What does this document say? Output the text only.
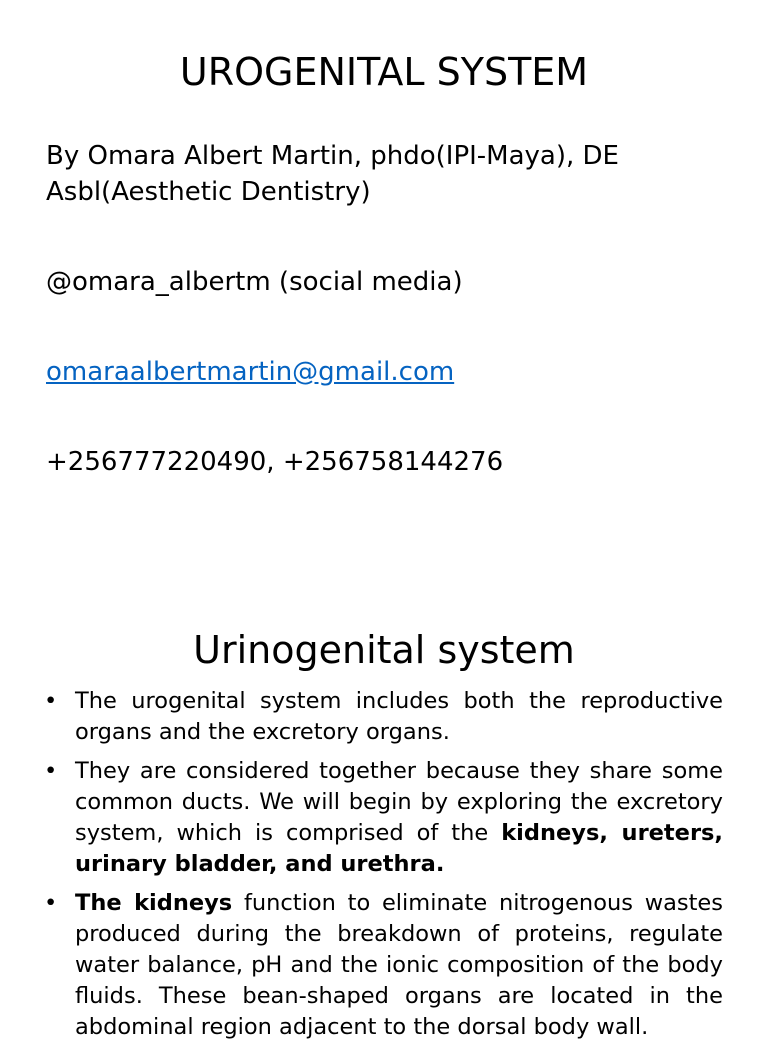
UROGENITAL SYSTEM
By Omara Albert Martin, phdo(IPI-Maya), DE
Asbl(Aesthetic Dentistry)
@omara_albertm (social media)
omaraalbertmartin@gmail.com
+256777220490, +256758144276
Urinogenital system
• The urogenital system includes both the reproductive organs and the excretory organs.
• They are considered together because they share some common ducts. We will begin by exploring the excretory system, which is comprised of the kidneys, ureters, urinary bladder, and urethra.
• The kidneys function to eliminate nitrogenous wastes produced during the breakdown of proteins, regulate water balance, pH and the ionic composition of the body fluids. These bean-shaped organs are located in the abdominal region adjacent to the dorsal body wall.
